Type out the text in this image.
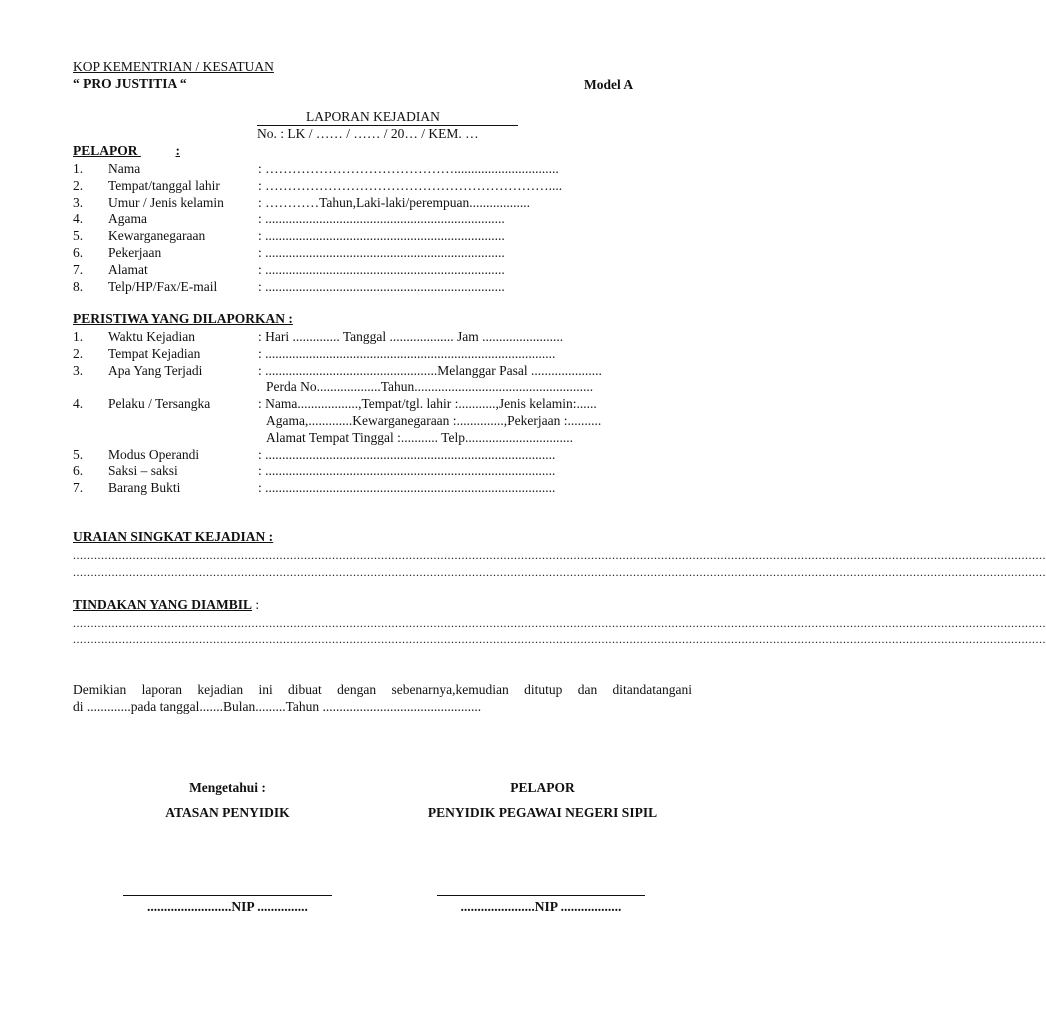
KOP KEMENTRIAN / KESATUAN
“ PRO JUSTITIA “	Model A
LAPORAN KEJADIAN
No. : LK / …… / …… / 20… / KEM. …
PELAPOR	:
1. Nama	: ……………………………………...............................
2. Tempat/tanggal lahir	: ………………………………………………………....
3. Umur / Jenis kelamin	: …………Tahun,Laki-laki/perempuan..................
4. Agama	: .......................................................................
5. Kewarganegaraan	: .......................................................................
6. Pekerjaan	: .......................................................................
7. Alamat	: .......................................................................
8. Telp/HP/Fax/E-mail	: .......................................................................
PERISTIWA YANG DILAPORKAN :
1. Waktu Kejadian	: Hari .............. Tanggal ................... Jam ........................
2. Tempat Kejadian	: ......................................................................................
3. Apa Yang Terjadi	: ...................................................Melanggar Pasal .....................
Perda No...................Tahun.....................................................
4. Pelaku / Tersangka	: Nama..................,Tempat/tgl. lahir :...........,Jenis kelamin:......
Agama,.............Kewarganegaraan :..............,Pekerjaan :..........
Alamat Tempat Tinggal :........... Telp................................
5. Modus Operandi	: ......................................................................................
6. Saksi – saksi	: ......................................................................................
7. Barang Bukti	: ......................................................................................
URAIAN SINGKAT KEJADIAN :
......................................................................................................................................................................................................................................................................................
......................................................................................................................................................................................................................................................................................
TINDAKAN YANG DIAMBIL :
......................................................................................................................................................................................................................................................................................
......................................................................................................................................................................................................................................................................................
Demikian laporan kejadian ini dibuat dengan sebenarnya,kemudian ditutup dan ditandatangani
di .............pada tanggal.......Bulan.........Tahun ...............................................
Mengetahui :
ATASAN PENYIDIK
.........................NIP ...............
PELAPOR
PENYIDIK PEGAWAI NEGERI SIPIL
......................NIP ..................
